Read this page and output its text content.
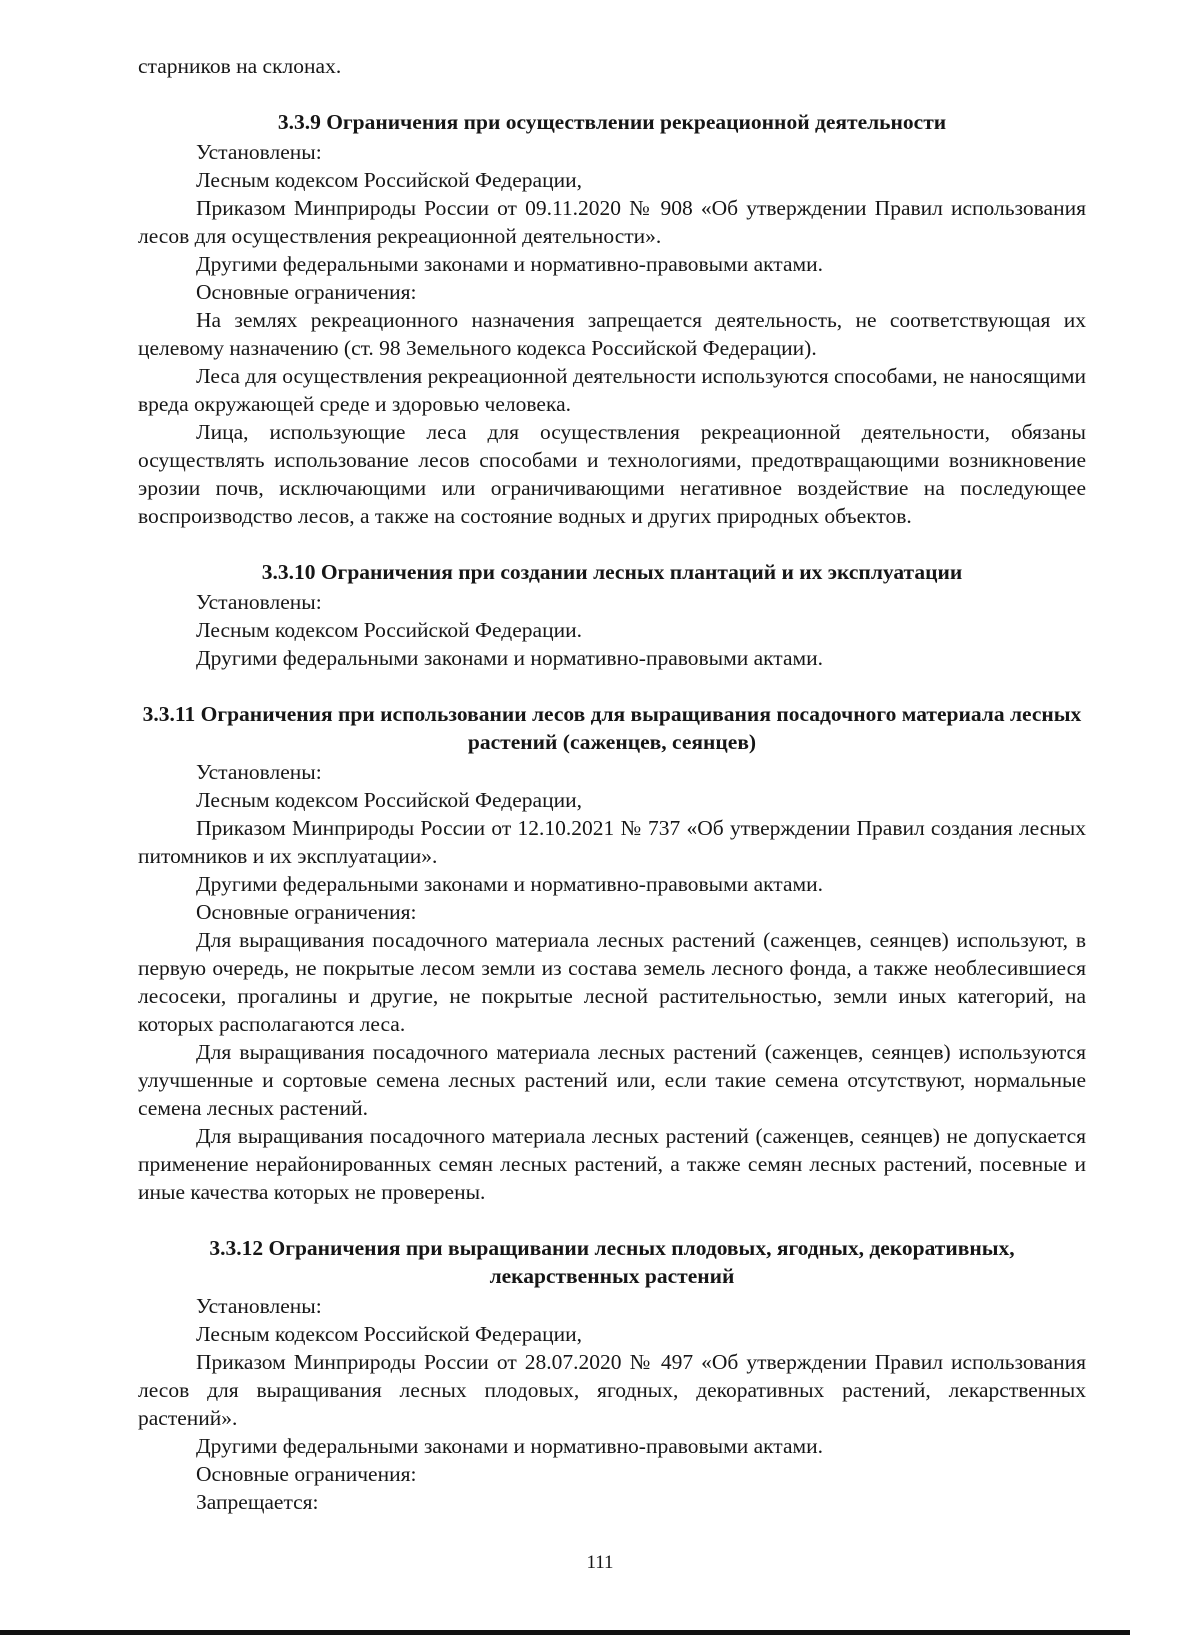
старников на склонах.

3.3.9 Ограничения при осуществлении рекреационной деятельности

Установлены:

Лесным кодексом Российской Федерации,

Приказом Минприроды России от 09.11.2020 № 908 «Об утверждении Правил использования лесов для осуществления рекреационной деятельности».

Другими федеральными законами и нормативно-правовыми актами.

Основные ограничения:

На землях рекреационного назначения запрещается деятельность, не соответствующая их целевому назначению (ст. 98 Земельного кодекса Российской Федерации).

Леса для осуществления рекреационной деятельности используются способами, не наносящими вреда окружающей среде и здоровью человека.

Лица, использующие леса для осуществления рекреационной деятельности, обязаны осуществлять использование лесов способами и технологиями, предотвращающими возникновение эрозии почв, исключающими или ограничивающими негативное воздействие на последующее воспроизводство лесов, а также на состояние водных и других природных объектов.

3.3.10 Ограничения при создании лесных плантаций и их эксплуатации

Установлены:

Лесным кодексом Российской Федерации.

Другими федеральными законами и нормативно-правовыми актами.

3.3.11 Ограничения при использовании лесов для выращивания посадочного материала лесных растений (саженцев, сеянцев)

Установлены:

Лесным кодексом Российской Федерации,

Приказом Минприроды России от 12.10.2021 № 737 «Об утверждении Правил создания лесных питомников и их эксплуатации».

Другими федеральными законами и нормативно-правовыми актами.

Основные ограничения:

Для выращивания посадочного материала лесных растений (саженцев, сеянцев) используют, в первую очередь, не покрытые лесом земли из состава земель лесного фонда, а также необлесившиеся лесосеки, прогалины и другие, не покрытые лесной растительностью, земли иных категорий, на которых располагаются леса.

Для выращивания посадочного материала лесных растений (саженцев, сеянцев) используются улучшенные и сортовые семена лесных растений или, если такие семена отсутствуют, нормальные семена лесных растений.

Для выращивания посадочного материала лесных растений (саженцев, сеянцев) не допускается применение нерайонированных семян лесных растений, а также семян лесных растений, посевные и иные качества которых не проверены.

3.3.12 Ограничения при выращивании лесных плодовых, ягодных, декоративных, лекарственных растений

Установлены:

Лесным кодексом Российской Федерации,

Приказом Минприроды России от 28.07.2020 № 497 «Об утверждении Правил использования лесов для выращивания лесных плодовых, ягодных, декоративных растений, лекарственных растений».

Другими федеральными законами и нормативно-правовыми актами.

Основные ограничения:

Запрещается:

111
